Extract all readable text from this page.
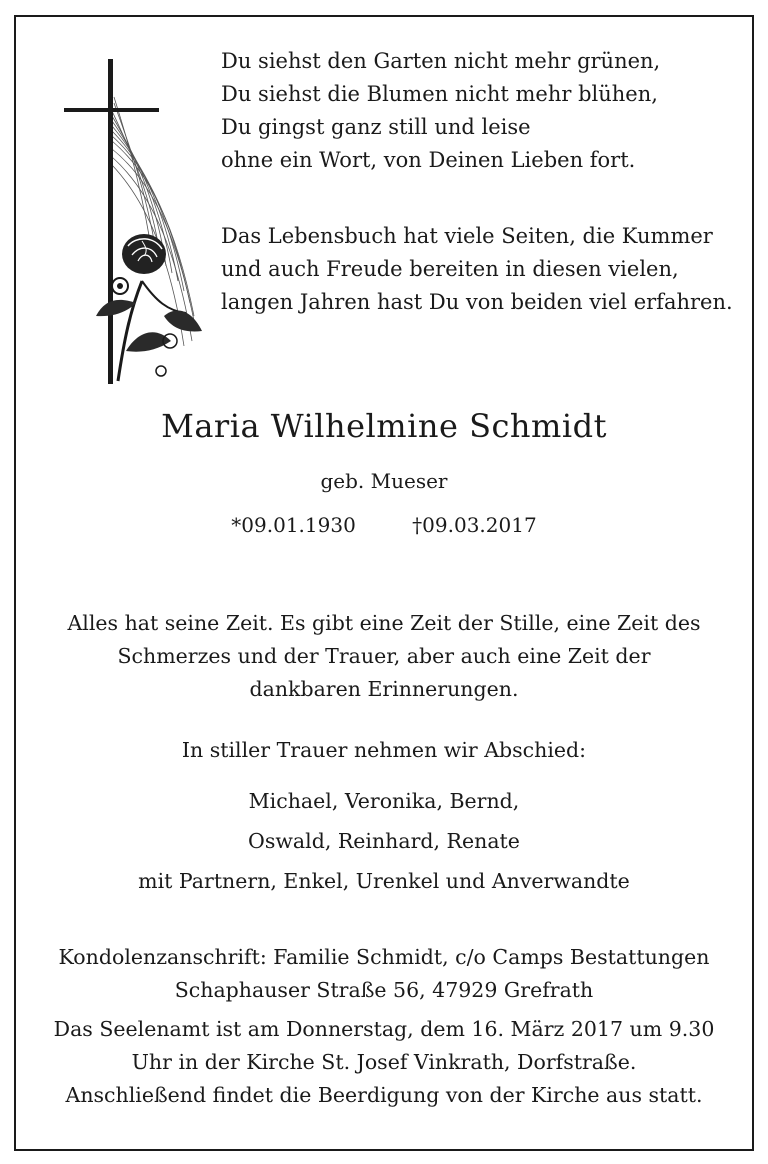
Du siehst den Garten nicht mehr grünen,
Du siehst die Blumen nicht mehr blühen,
Du gingst ganz still und leise
ohne ein Wort, von Deinen Lieben fort.

Das Lebensbuch hat viele Seiten, die Kummer
und auch Freude bereiten in diesen vielen,
langen Jahren hast Du von beiden viel erfahren.

Maria Wilhelmine Schmidt
geb. Mueser
*09.01.1930	†09.03.2017
Alles hat seine Zeit. Es gibt eine Zeit der Stille, eine Zeit des
Schmerzes und der Trauer, aber auch eine Zeit der
dankbaren Erinnerungen.
In stiller Trauer nehmen wir Abschied:
Michael, Veronika, Bernd,
Oswald, Reinhard, Renate
mit Partnern, Enkel, Urenkel und Anverwandte
Kondolenzanschrift: Familie Schmidt, c/o Camps Bestattungen
Schaphauser Straße 56, 47929 Grefrath
Das Seelenamt ist am Donnerstag, dem 16. März 2017 um 9.30
Uhr in der Kirche St. Josef Vinkrath, Dorfstraße.
Anschließend findet die Beerdigung von der Kirche aus statt.
